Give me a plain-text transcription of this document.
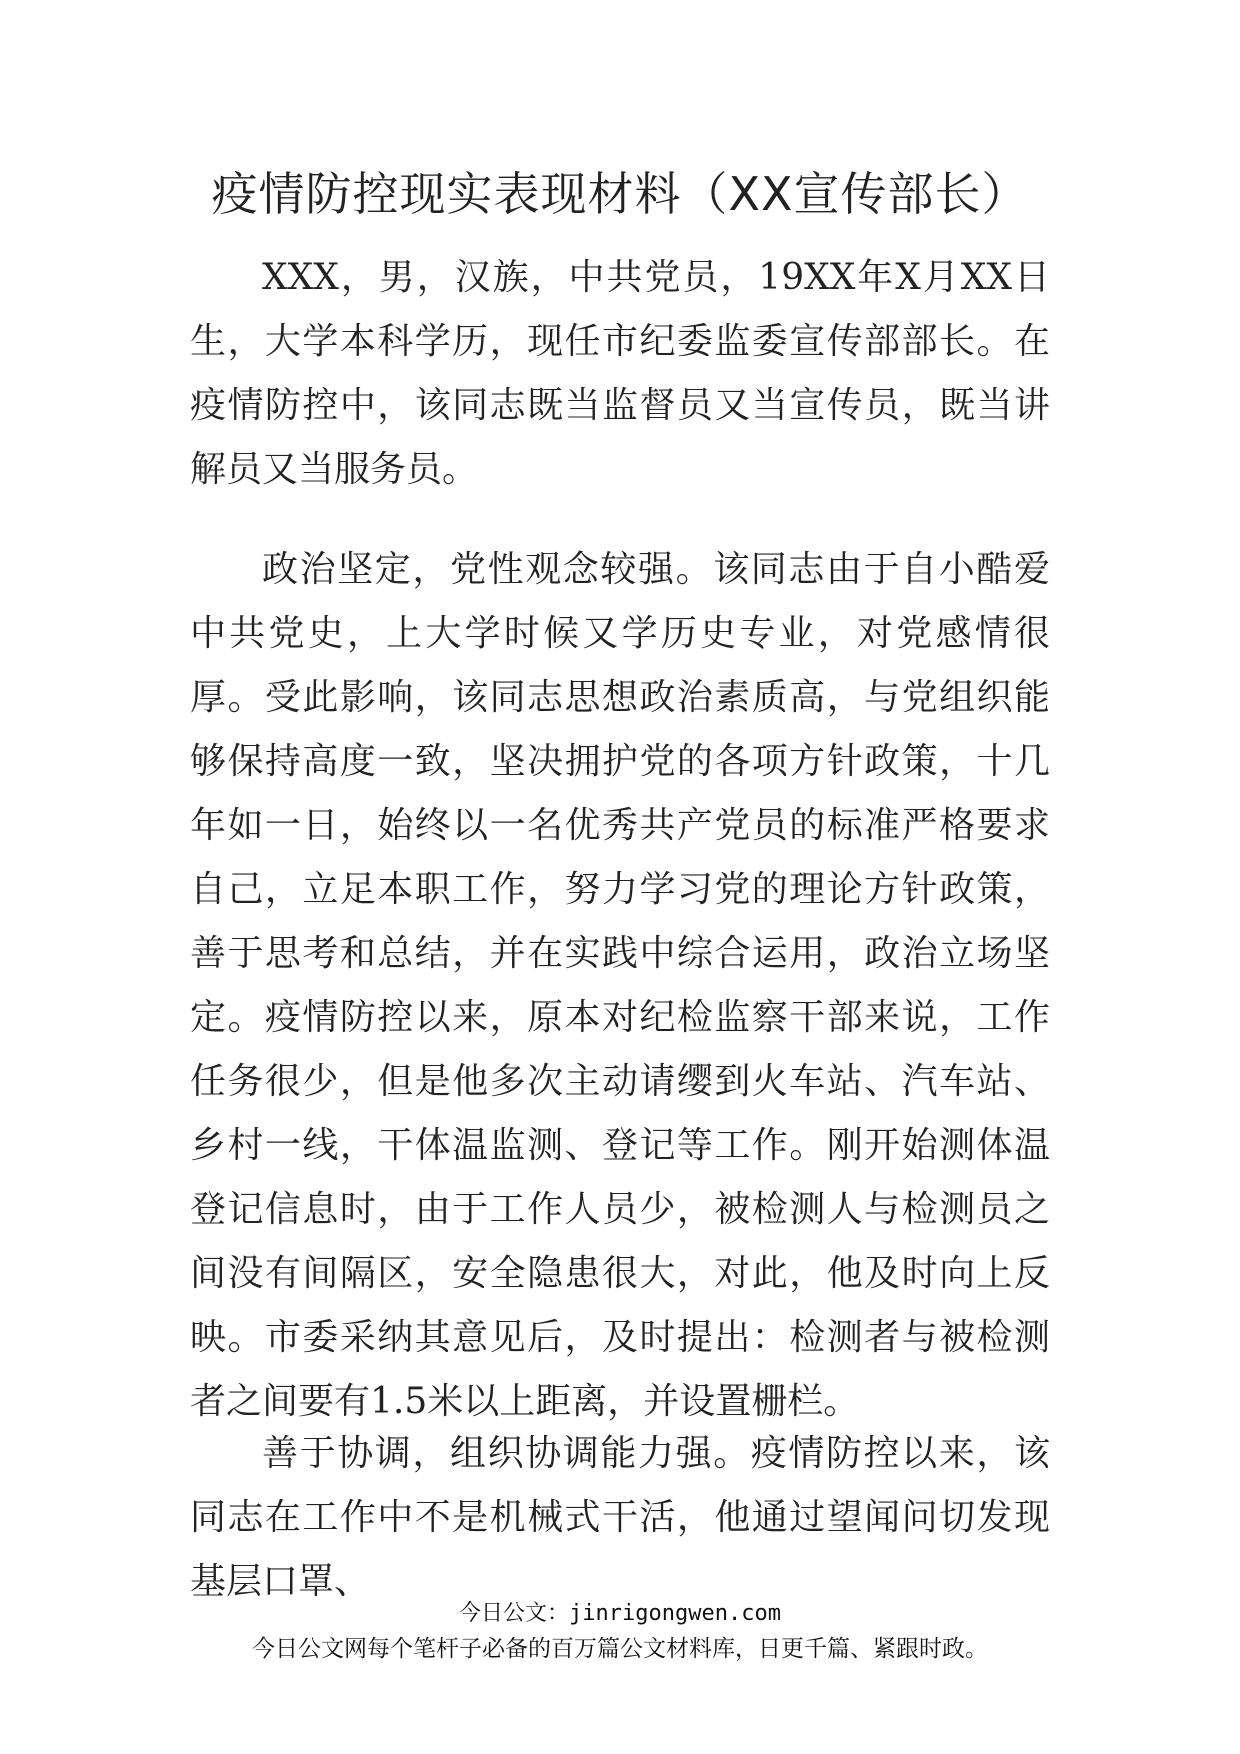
疫情防控现实表现材料（XX宣传部长）

XXX，男，汉族，中共党员，19XX年X月XX日生，大学本科学历，现任市纪委监委宣传部部长。在疫情防控中，该同志既当监督员又当宣传员，既当讲解员又当服务员。

政治坚定，党性观念较强。该同志由于自小酷爱中共党史，上大学时候又学历史专业，对党感情很厚。受此影响，该同志思想政治素质高，与党组织能够保持高度一致，坚决拥护党的各项方针政策，十几年如一日，始终以一名优秀共产党员的标准严格要求自己，立足本职工作，努力学习党的理论方针政策，善于思考和总结，并在实践中综合运用，政治立场坚定。疫情防控以来，原本对纪检监察干部来说，工作任务很少，但是他多次主动请缨到火车站、汽车站、乡村一线，干体温监测、登记等工作。刚开始测体温登记信息时，由于工作人员少，被检测人与检测员之间没有间隔区，安全隐患很大，对此，他及时向上反映。市委采纳其意见后，及时提出：检测者与被检测者之间要有1.5米以上距离，并设置栅栏。

善于协调，组织协调能力强。疫情防控以来，该同志在工作中不是机械式干活，他通过望闻问切发现基层口罩、

今日公文：jinrigongwen.com
今日公文网每个笔杆子必备的百万篇公文材料库，日更千篇、紧跟时政。
